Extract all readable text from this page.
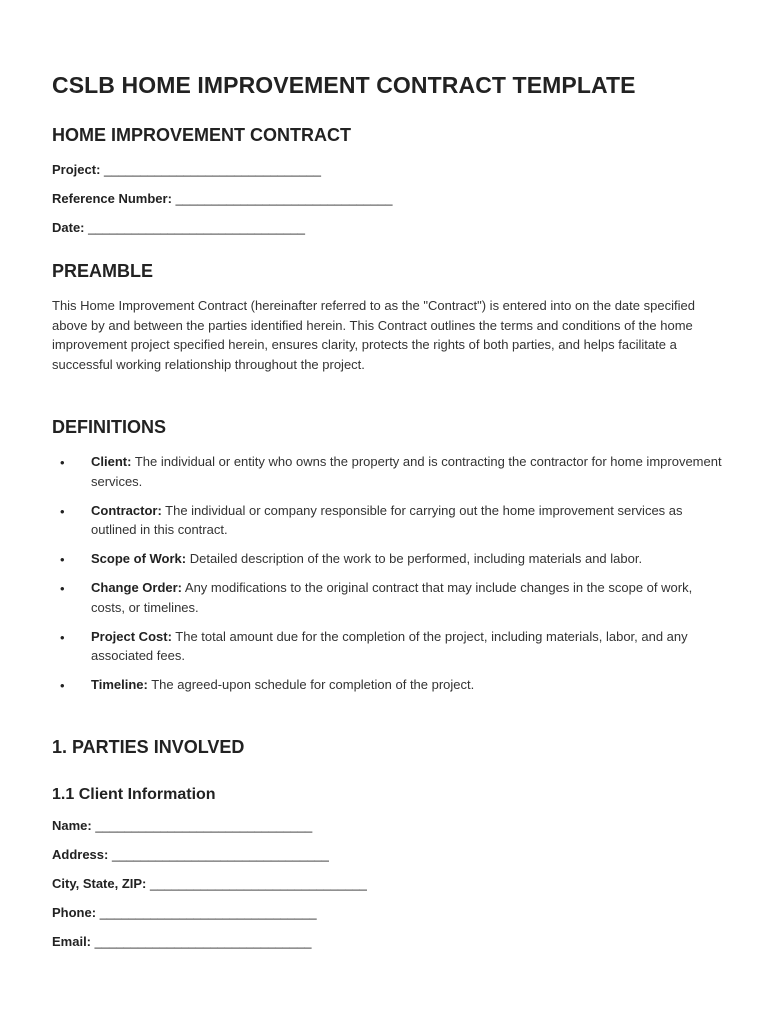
CSLB HOME IMPROVEMENT CONTRACT TEMPLATE
HOME IMPROVEMENT CONTRACT
Project: ______________________________
Reference Number: ______________________________
Date: ______________________________
PREAMBLE

This Home Improvement Contract (hereinafter referred to as the "Contract") is entered into on the date specified above by and between the parties identified herein. This Contract outlines the terms and conditions of the home improvement project specified herein, ensures clarity, protects the rights of both parties, and helps facilitate a successful working relationship throughout the project.

DEFINITIONS
• Client: The individual or entity who owns the property and is contracting the contractor for home improvement services.
• Contractor: The individual or company responsible for carrying out the home improvement services as outlined in this contract.
• Scope of Work: Detailed description of the work to be performed, including materials and labor.
• Change Order: Any modifications to the original contract that may include changes in the scope of work, costs, or timelines.
• Project Cost: The total amount due for the completion of the project, including materials, labor, and any associated fees.
• Timeline: The agreed-upon schedule for completion of the project.
1. PARTIES INVOLVED
1.1 Client Information
Name: ______________________________
Address: ______________________________
City, State, ZIP: ______________________________
Phone: ______________________________
Email: ______________________________
